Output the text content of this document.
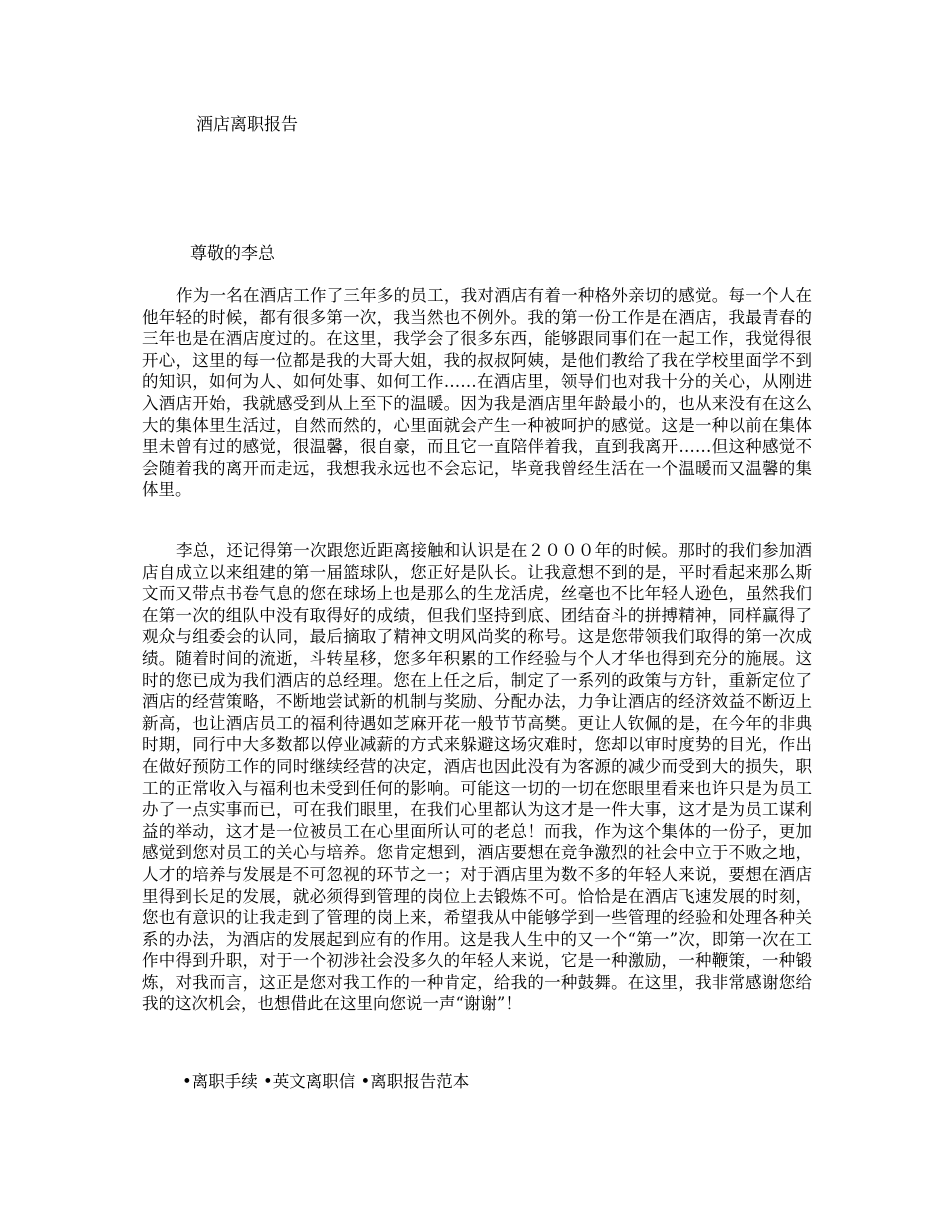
酒店离职报告

尊敬的李总

作为一名在酒店工作了三年多的员工，我对酒店有着一种格外亲切的感觉。每一个人在他年轻的时候，都有很多第一次，我当然也不例外。我的第一份工作是在酒店，我最青春的三年也是在酒店度过的。在这里，我学会了很多东西，能够跟同事们在一起工作，我觉得很开心，这里的每一位都是我的大哥大姐，我的叔叔阿姨，是他们教给了我在学校里面学不到的知识，如何为人、如何处事、如何工作……在酒店里，领导们也对我十分的关心，从刚进入酒店开始，我就感受到从上至下的温暖。因为我是酒店里年龄最小的，也从来没有在这么大的集体里生活过，自然而然的，心里面就会产生一种被呵护的感觉。这是一种以前在集体里未曾有过的感觉，很温馨，很自豪，而且它一直陪伴着我，直到我离开……但这种感觉不会随着我的离开而走远，我想我永远也不会忘记，毕竟我曾经生活在一个温暖而又温馨的集体里。

李总，还记得第一次跟您近距离接触和认识是在２０００年的时候。那时的我们参加酒店自成立以来组建的第一届篮球队，您正好是队长。让我意想不到的是，平时看起来那么斯文而又带点书卷气息的您在球场上也是那么的生龙活虎，丝毫也不比年轻人逊色，虽然我们在第一次的组队中没有取得好的成绩，但我们坚持到底、团结奋斗的拼搏精神，同样赢得了观众与组委会的认同，最后摘取了精神文明风尚奖的称号。这是您带领我们取得的第一次成绩。随着时间的流逝，斗转星移，您多年积累的工作经验与个人才华也得到充分的施展。这时的您已成为我们酒店的总经理。您在上任之后，制定了一系列的政策与方针，重新定位了酒店的经营策略，不断地尝试新的机制与奖励、分配办法，力争让酒店的经济效益不断迈上新高，也让酒店员工的福利待遇如芝麻开花一般节节高樊。更让人钦佩的是，在今年的非典时期，同行中大多数都以停业减薪的方式来躲避这场灾难时，您却以审时度势的目光，作出在做好预防工作的同时继续经营的决定，酒店也因此没有为客源的减少而受到大的损失，职工的正常收入与福利也未受到任何的影响。可能这一切的一切在您眼里看来也许只是为员工办了一点实事而已，可在我们眼里，在我们心里都认为这才是一件大事，这才是为员工谋利益的举动，这才是一位被员工在心里面所认可的老总！而我，作为这个集体的一份子，更加感觉到您对员工的关心与培养。您肯定想到，酒店要想在竞争激烈的社会中立于不败之地，人才的培养与发展是不可忽视的环节之一；对于酒店里为数不多的年轻人来说，要想在酒店里得到长足的发展，就必须得到管理的岗位上去锻炼不可。恰恰是在酒店飞速发展的时刻，您也有意识的让我走到了管理的岗上来，希望我从中能够学到一些管理的经验和处理各种关系的办法，为酒店的发展起到应有的作用。这是我人生中的又一个“第一”次，即第一次在工作中得到升职，对于一个初涉社会没多久的年轻人来说，它是一种激励，一种鞭策，一种锻炼，对我而言，这正是您对我工作的一种肯定，给我的一种鼓舞。在这里，我非常感谢您给我的这次机会，也想借此在这里向您说一声“谢谢”！

•离职手续 •英文离职信 •离职报告范本
